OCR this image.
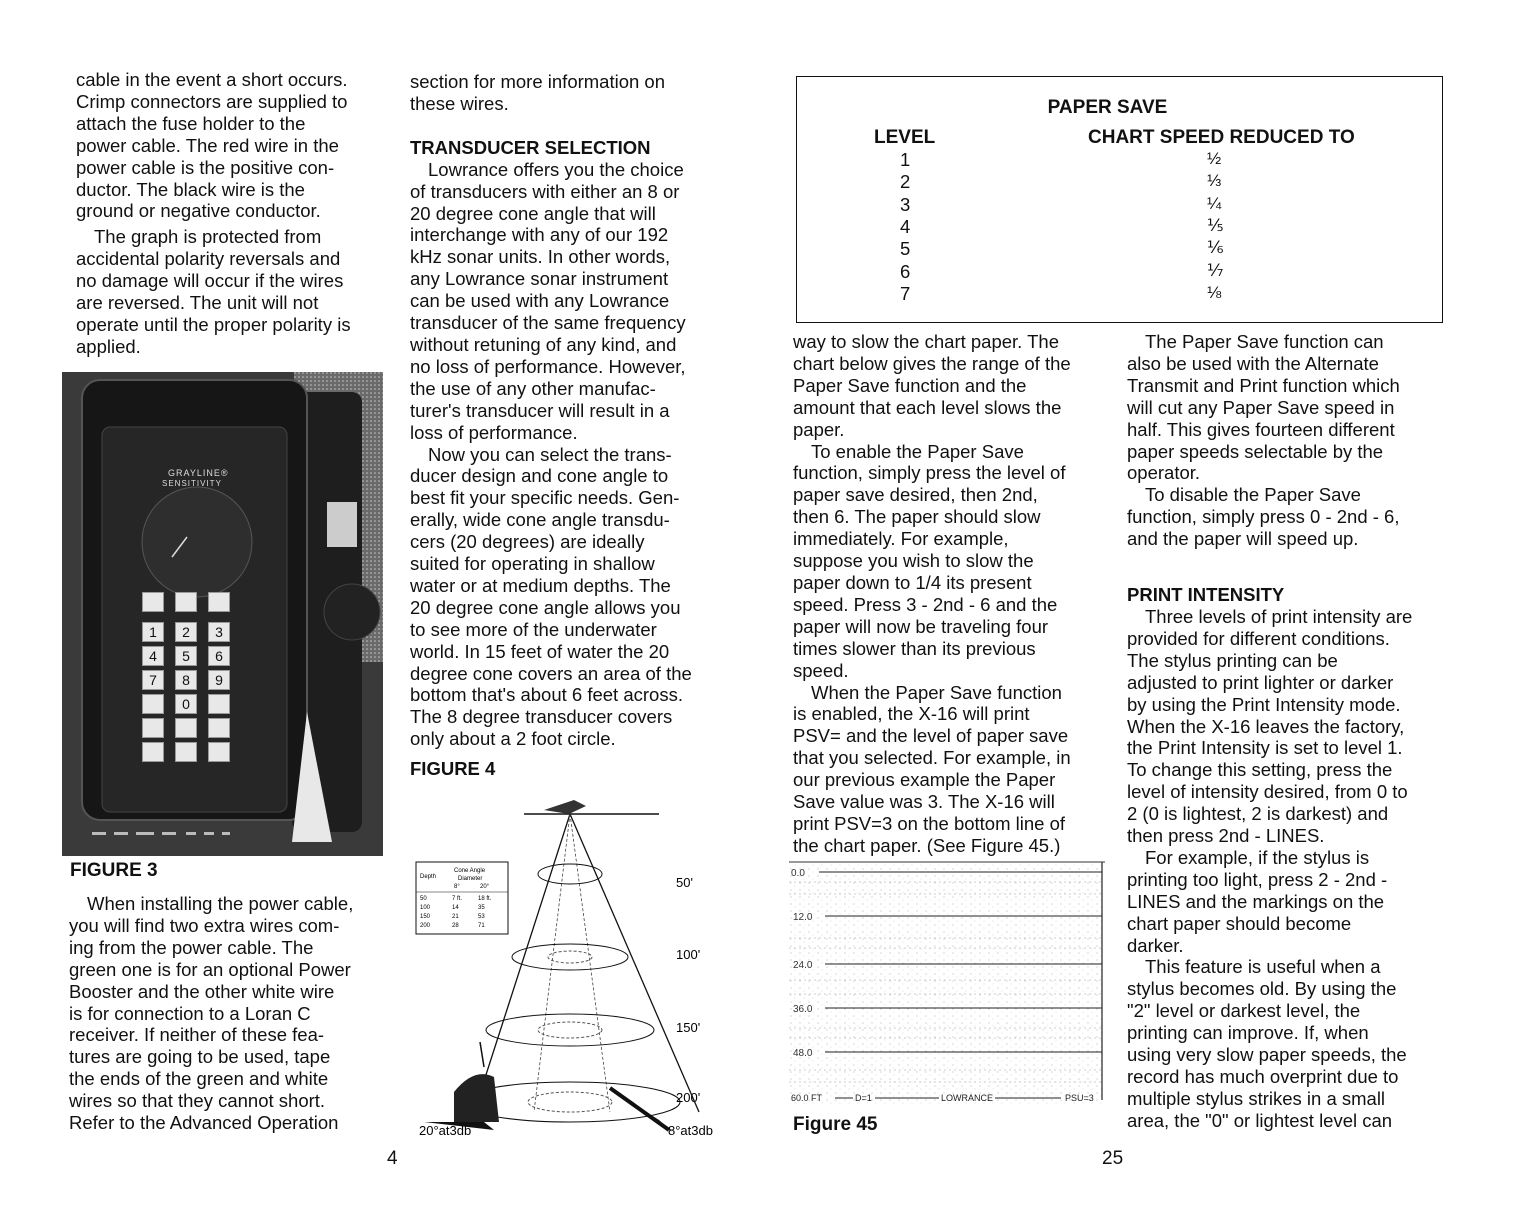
cable in the event a short occurs.
Crimp connectors are supplied to
attach the fuse holder to the
power cable. The red wire in the
power cable is the positive con-
ductor. The black wire is the
ground or negative conductor.
The graph is protected from
accidental polarity reversals and
no damage will occur if the wires
are reversed. The unit will not
operate until the proper polarity is
applied.
GRAYLINE®
SENSITIVITY
1	2	3
4	5	6
7	8	9
0
FIGURE 3
When installing the power cable,
you will find two extra wires com-
ing from the power cable. The
green one is for an optional Power
Booster and the other white wire
is for connection to a Loran C
receiver. If neither of these fea-
tures are going to be used, tape
the ends of the green and white
wires so that they cannot short.
Refer to the Advanced Operation
section for more information on
these wires.
TRANSDUCER SELECTION
Lowrance offers you the choice
of transducers with either an 8 or
20 degree cone angle that will
interchange with any of our 192
kHz sonar units. In other words,
any Lowrance sonar instrument
can be used with any Lowrance
transducer of the same frequency
without retuning of any kind, and
no loss of performance. However,
the use of any other manufac-
turer's transducer will result in a
loss of performance.
Now you can select the trans-
ducer design and cone angle to
best fit your specific needs. Gen-
erally, wide cone angle transdu-
cers (20 degrees) are ideally
suited for operating in shallow
water or at medium depths. The
20 degree cone angle allows you
to see more of the underwater
world. In 15 feet of water the 20
degree cone covers an area of the
bottom that's about 6 feet across.
The 8 degree transducer covers
only about a 2 foot circle.
FIGURE 4
Depth
Cone Angle
Diameter
8°	20°
50	7 ft.	18 ft.
100	14	35
150	21	53
200	28	71
50'
100'
150'
200'
20°at3db	8°at3db
4
PAPER SAVE
LEVEL	CHART SPEED REDUCED TO
1	½
2	⅓
3	¼
4	⅕
5	⅙
6	⅐
7	⅛
way to slow the chart paper. The
chart below gives the range of the
Paper Save function and the
amount that each level slows the
paper.
To enable the Paper Save
function, simply press the level of
paper save desired, then 2nd,
then 6. The paper should slow
immediately. For example,
suppose you wish to slow the
paper down to 1/4 its present
speed. Press 3 - 2nd - 6 and the
paper will now be traveling four
times slower than its previous
speed.
When the Paper Save function
is enabled, the X-16 will print
PSV= and the level of paper save
that you selected. For example, in
our previous example the Paper
Save value was 3. The X-16 will
print PSV=3 on the bottom line of
the chart paper. (See Figure 45.)
0.0
12.0
24.0
36.0
48.0
60.0 FT	D=1	LOWRANCE	PSU=3
Figure 45
The Paper Save function can
also be used with the Alternate
Transmit and Print function which
will cut any Paper Save speed in
half. This gives fourteen different
paper speeds selectable by the
operator.
To disable the Paper Save
function, simply press 0 - 2nd - 6,
and the paper will speed up.
PRINT INTENSITY
Three levels of print intensity are
provided for different conditions.
The stylus printing can be
adjusted to print lighter or darker
by using the Print Intensity mode.
When the X-16 leaves the factory,
the Print Intensity is set to level 1.
To change this setting, press the
level of intensity desired, from 0 to
2 (0 is lightest, 2 is darkest) and
then press 2nd - LINES.
For example, if the stylus is
printing too light, press 2 - 2nd -
LINES and the markings on the
chart paper should become
darker.
This feature is useful when a
stylus becomes old. By using the
"2" level or darkest level, the
printing can improve. If, when
using very slow paper speeds, the
record has much overprint due to
multiple stylus strikes in a small
area, the "0" or lightest level can
25
